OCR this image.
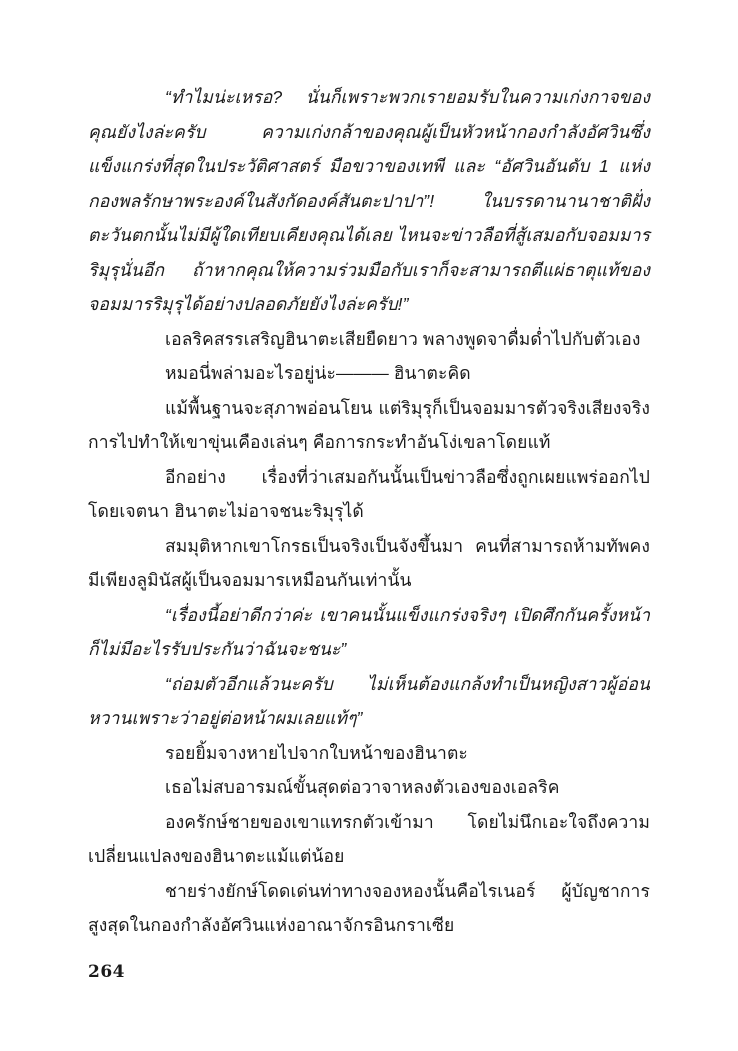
“ทำไมน่ะเหรอ? นั่นก็เพราะพวกเรายอมรับในความเก่งกาจของคุณยังไงล่ะครับ ความเก่งกล้าของคุณผู้เป็นหัวหน้ากองกำลังอัศวินซึ่งแข็งแกร่งที่สุดในประวัติศาสตร์ มือขวาของเทพี และ “อัศวินอันดับ 1 แห่งกองพลรักษาพระองค์ในสังกัดองค์สันตะปาปา”! ในบรรดานานาชาติฝั่งตะวันตกนั้นไม่มีผู้ใดเทียบเคียงคุณได้เลย ไหนจะข่าวลือที่สู้เสมอกับจอมมารริมุรุนั่นอีก ถ้าหากคุณให้ความร่วมมือกับเราก็จะสามารถตีแผ่ธาตุแท้ของจอมมารริมุรุได้อย่างปลอดภัยยังไงล่ะครับ!”

เอลริคสรรเสริญฮินาตะเสียยืดยาว พลางพูดจาดื่มด่ำไปกับตัวเอง

หมอนี่พล่ามอะไรอยู่น่ะ——— ฮินาตะคิด

แม้พื้นฐานจะสุภาพอ่อนโยน แต่ริมุรุก็เป็นจอมมารตัวจริงเสียงจริง การไปทำให้เขาขุ่นเคืองเล่นๆ คือการกระทำอันโง่เขลาโดยแท้

อีกอย่าง เรื่องที่ว่าเสมอกันนั้นเป็นข่าวลือซึ่งถูกเผยแพร่ออกไปโดยเจตนา ฮินาตะไม่อาจชนะริมุรุได้

สมมุติหากเขาโกรธเป็นจริงเป็นจังขึ้นมา คนที่สามารถห้ามทัพคงมีเพียงลูมินัสผู้เป็นจอมมารเหมือนกันเท่านั้น

“เรื่องนี้อย่าดีกว่าค่ะ เขาคนนั้นแข็งแกร่งจริงๆ เปิดศึกกันครั้งหน้าก็ไม่มีอะไรรับประกันว่าฉันจะชนะ”

“ถ่อมตัวอีกแล้วนะครับ ไม่เห็นต้องแกล้งทำเป็นหญิงสาวผู้อ่อนหวานเพราะว่าอยู่ต่อหน้าผมเลยแท้ๆ”

รอยยิ้มจางหายไปจากใบหน้าของฮินาตะ

เธอไม่สบอารมณ์ขั้นสุดต่อวาจาหลงตัวเองของเอลริค

องครักษ์ชายของเขาแทรกตัวเข้ามา โดยไม่นึกเอะใจถึงความเปลี่ยนแปลงของฮินาตะแม้แต่น้อย

ชายร่างยักษ์โดดเด่นท่าทางจองหองนั้นคือไรเนอร์ ผู้บัญชาการสูงสุดในกองกำลังอัศวินแห่งอาณาจักรอินกราเซีย

264
